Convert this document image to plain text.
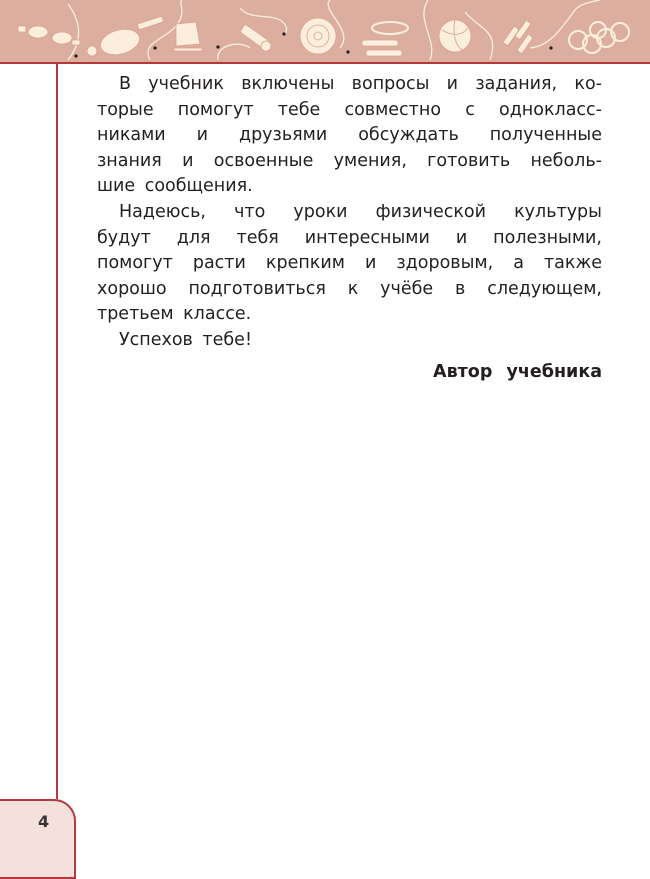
В учебник включены вопросы и задания, ко-
торые помогут тебе совместно с однокласс-
никами и друзьями обсуждать полученные
знания и освоенные умения, готовить неболь-
шие сообщения.
Надеюсь, что уроки физической культуры
будут для тебя интересными и полезными,
помогут расти крепким и здоровым, а также
хорошо подготовиться к учёбе в следующем,
третьем классе.
Успехов тебе!
Автор учебника
4
